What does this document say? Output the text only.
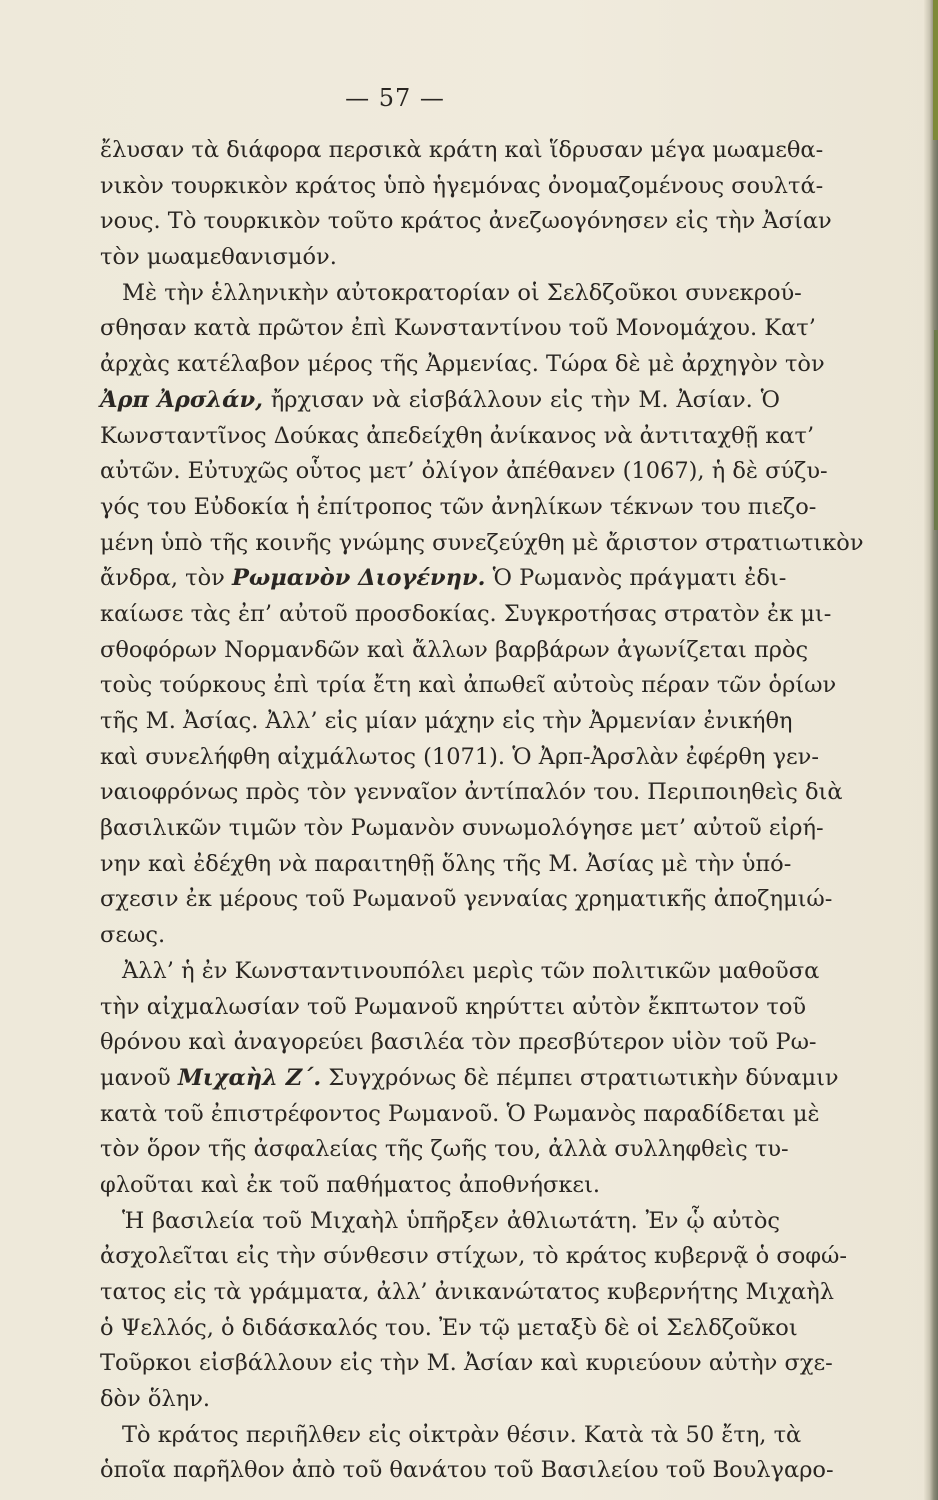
— 57 —
ἔλυσαν τὰ διάφορα περσικὰ κράτη καὶ ἵδρυσαν μέγα μωαμεθα-
νικὸν τουρκικὸν κράτος ὑπὸ ἡγεμόνας ὀνομαζομένους σουλτά-
νους. Τὸ τουρκικὸν τοῦτο κράτος ἀνεζωογόνησεν εἰς τὴν Ἀσίαν
τὸν μωαμεθανισμόν.
Μὲ τὴν ἑλληνικὴν αὐτοκρατορίαν οἱ Σελδζοῦκοι συνεκρού-
σθησαν κατὰ πρῶτον ἐπὶ Κωνσταντίνου τοῦ Μονομάχου. Κατ’
ἀρχὰς κατέλαβον μέρος τῆς Ἀρμενίας. Τώρα δὲ μὲ ἀρχηγὸν τὸν
Ἀρπ Ἀρσλάν, ἤρχισαν νὰ εἰσβάλλουν εἰς τὴν Μ. Ἀσίαν. Ὁ
Κωνσταντῖνος Δούκας ἀπεδείχθη ἀνίκανος νὰ ἀντιταχθῇ κατ’
αὐτῶν. Εὐτυχῶς οὗτος μετ’ ὀλίγον ἀπέθανεν (1067), ἡ δὲ σύζυ-
γός του Εὐδοκία ἡ ἐπίτροπος τῶν ἀνηλίκων τέκνων του πιεζο-
μένη ὑπὸ τῆς κοινῆς γνώμης συνεζεύχθη μὲ ἄριστον στρατιωτικὸν
ἄνδρα, τὸν Ρωμανὸν Διογένην. Ὁ Ρωμανὸς πράγματι ἐδι-
καίωσε τὰς ἐπ’ αὐτοῦ προσδοκίας. Συγκροτήσας στρατὸν ἐκ μι-
σθοφόρων Νορμανδῶν καὶ ἄλλων βαρβάρων ἀγωνίζεται πρὸς
τοὺς τούρκους ἐπὶ τρία ἔτη καὶ ἀπωθεῖ αὐτοὺς πέραν τῶν ὁρίων
τῆς Μ. Ἀσίας. Ἀλλ’ εἰς μίαν μάχην εἰς τὴν Ἀρμενίαν ἐνικήθη
καὶ συνελήφθη αἰχμάλωτος (1071). Ὁ Ἀρπ-Ἀρσλὰν ἐφέρθη γεν-
ναιοφρόνως πρὸς τὸν γενναῖον ἀντίπαλόν του. Περιποιηθεὶς διὰ
βασιλικῶν τιμῶν τὸν Ρωμανὸν συνωμολόγησε μετ’ αὐτοῦ εἰρή-
νην καὶ ἐδέχθη νὰ παραιτηθῇ ὅλης τῆς Μ. Ἀσίας μὲ τὴν ὑπό-
σχεσιν ἐκ μέρους τοῦ Ρωμανοῦ γενναίας χρηματικῆς ἀποζημιώ-
σεως.
Ἀλλ’ ἡ ἐν Κωνσταντινουπόλει μερὶς τῶν πολιτικῶν μαθοῦσα
τὴν αἰχμαλωσίαν τοῦ Ρωμανοῦ κηρύττει αὐτὸν ἔκπτωτον τοῦ
θρόνου καὶ ἀναγορεύει βασιλέα τὸν πρεσβύτερον υἱὸν τοῦ Ρω-
μανοῦ Μιχαὴλ Ζ΄. Συγχρόνως δὲ πέμπει στρατιωτικὴν δύναμιν
κατὰ τοῦ ἐπιστρέφοντος Ρωμανοῦ. Ὁ Ρωμανὸς παραδίδεται μὲ
τὸν ὅρον τῆς ἀσφαλείας τῆς ζωῆς του, ἀλλὰ συλληφθεὶς τυ-
φλοῦται καὶ ἐκ τοῦ παθήματος ἀποθνήσκει.
Ἡ βασιλεία τοῦ Μιχαὴλ ὑπῆρξεν ἀθλιωτάτη. Ἐν ᾧ αὐτὸς
ἀσχολεῖται εἰς τὴν σύνθεσιν στίχων, τὸ κράτος κυβερνᾷ ὁ σοφώ-
τατος εἰς τὰ γράμματα, ἀλλ’ ἀνικανώτατος κυβερνήτης Μιχαὴλ
ὁ Ψελλός, ὁ διδάσκαλός του. Ἐν τῷ μεταξὺ δὲ οἱ Σελδζοῦκοι
Τοῦρκοι εἰσβάλλουν εἰς τὴν Μ. Ἀσίαν καὶ κυριεύουν αὐτὴν σχε-
δὸν ὅλην.
Τὸ κράτος περιῆλθεν εἰς οἰκτρὰν θέσιν. Κατὰ τὰ 50 ἔτη, τὰ
ὁποῖα παρῆλθον ἀπὸ τοῦ θανάτου τοῦ Βασιλείου τοῦ Βουλγαρο-
